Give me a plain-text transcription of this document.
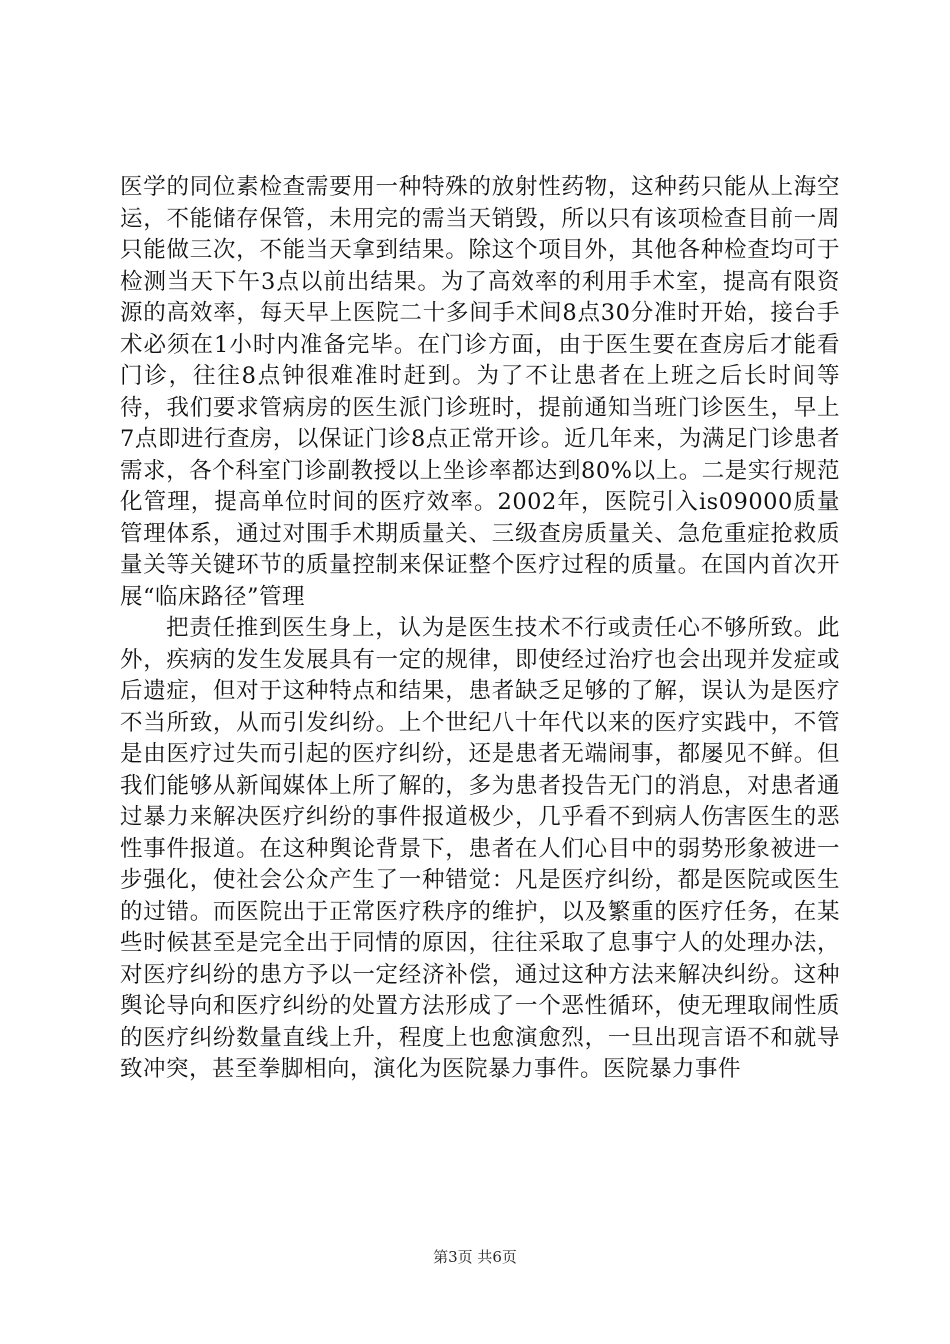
医学的同位素检查需要用一种特殊的放射性药物，这种药只能从上海空运，不能储存保管，未用完的需当天销毁，所以只有该项检查目前一周只能做三次，不能当天拿到结果。除这个项目外，其他各种检查均可于检测当天下午3点以前出结果。为了高效率的利用手术室，提高有限资源的高效率，每天早上医院二十多间手术间8点30分准时开始，接台手术必须在1小时内准备完毕。在门诊方面，由于医生要在查房后才能看门诊，往往8点钟很难准时赶到。为了不让患者在上班之后长时间等待，我们要求管病房的医生派门诊班时，提前通知当班门诊医生，早上7点即进行查房，以保证门诊8点正常开诊。近几年来，为满足门诊患者需求，各个科室门诊副教授以上坐诊率都达到80%以上。二是实行规范化管理，提高单位时间的医疗效率。2002年，医院引入is09000质量管理体系，通过对围手术期质量关、三级查房质量关、急危重症抢救质量关等关键环节的质量控制来保证整个医疗过程的质量。在国内首次开展“临床路径”管理

把责任推到医生身上，认为是医生技术不行或责任心不够所致。此外，疾病的发生发展具有一定的规律，即使经过治疗也会出现并发症或后遗症，但对于这种特点和结果，患者缺乏足够的了解，误认为是医疗不当所致，从而引发纠纷。上个世纪八十年代以来的医疗实践中，不管是由医疗过失而引起的医疗纠纷，还是患者无端闹事，都屡见不鲜。但我们能够从新闻媒体上所了解的，多为患者投告无门的消息，对患者通过暴力来解决医疗纠纷的事件报道极少，几乎看不到病人伤害医生的恶性事件报道。在这种舆论背景下，患者在人们心目中的弱势形象被进一步强化，使社会公众产生了一种错觉：凡是医疗纠纷，都是医院或医生的过错。而医院出于正常医疗秩序的维护，以及繁重的医疗任务，在某些时候甚至是完全出于同情的原因，往往采取了息事宁人的处理办法，对医疗纠纷的患方予以一定经济补偿，通过这种方法来解决纠纷。这种舆论导向和医疗纠纷的处置方法形成了一个恶性循环，使无理取闹性质的医疗纠纷数量直线上升，程度上也愈演愈烈，一旦出现言语不和就导致冲突，甚至拳脚相向，演化为医院暴力事件。医院暴力事件

第3页 共6页
